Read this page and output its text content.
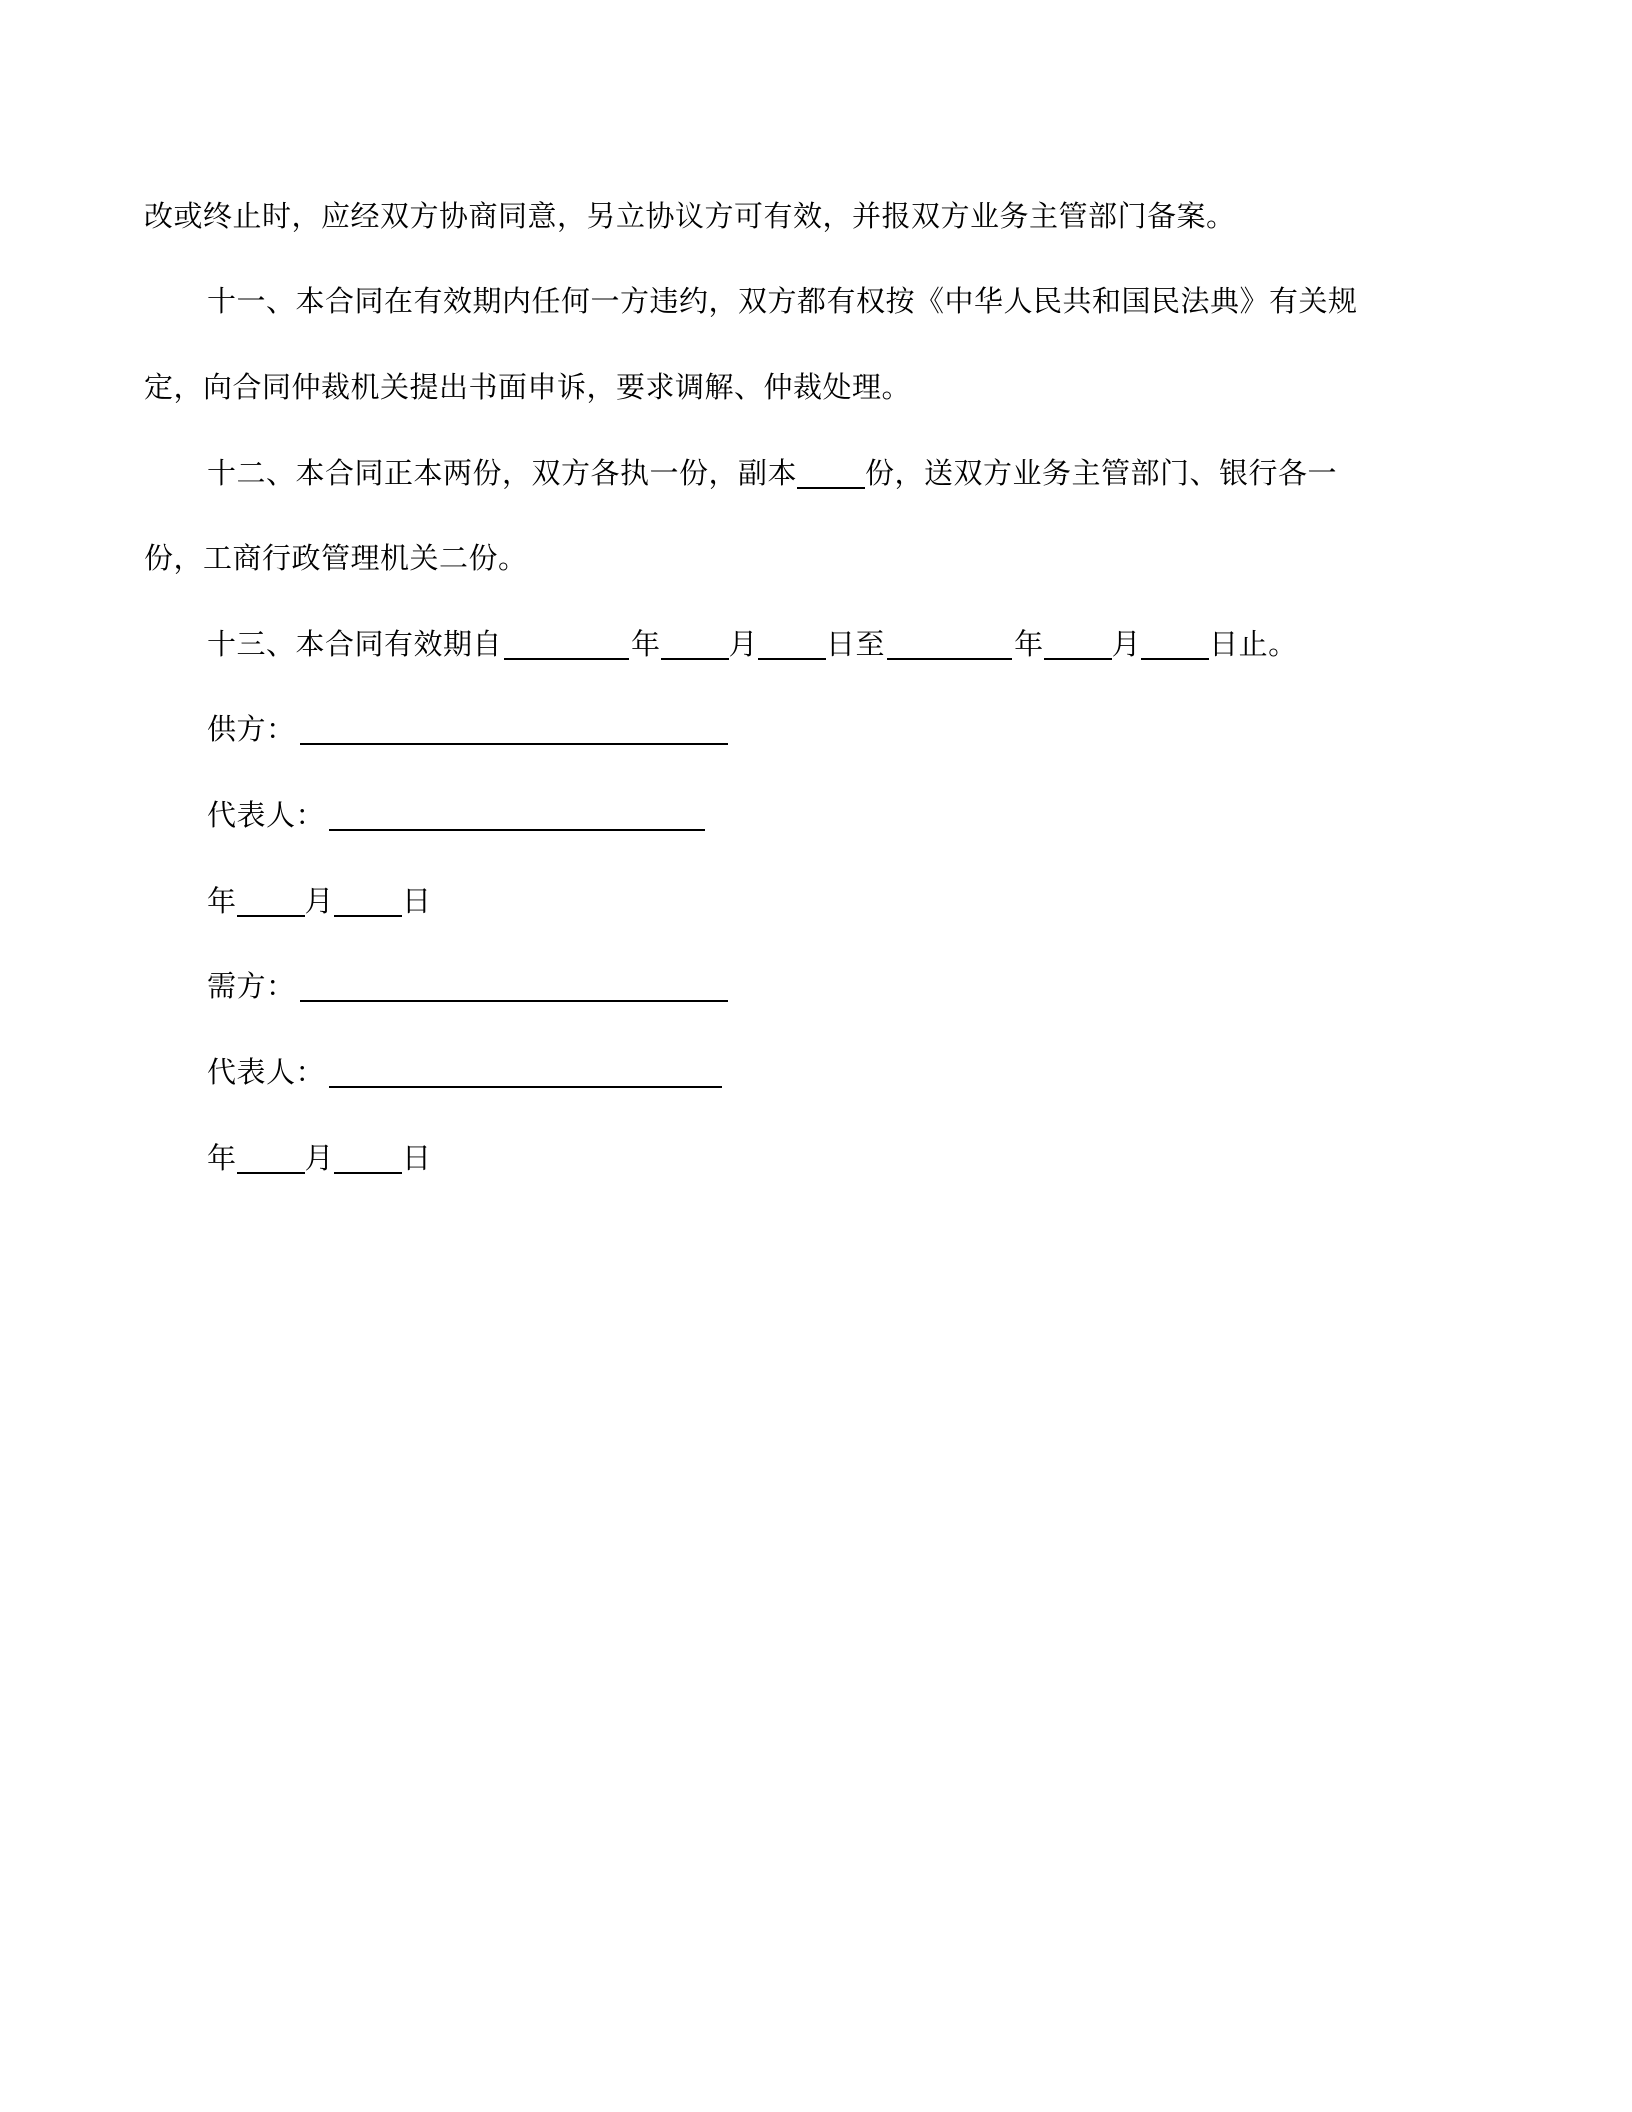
改或终止时，应经双方协商同意，另立协议方可有效，并报双方业务主管部门备案。
十一、本合同在有效期内任何一方违约，双方都有权按《中华人民共和国民法典》有关规
定，向合同仲裁机关提出书面申诉，要求调解、仲裁处理。
十二、本合同正本两份，双方各执一份，副本 份，送双方业务主管部门、银行各一
份，工商行政管理机关二份。
十三、本合同有效期自	年 月 日至	年 月 日止。
供方：
代表人：
年 月 日
需方：
代表人：
年 月 日
